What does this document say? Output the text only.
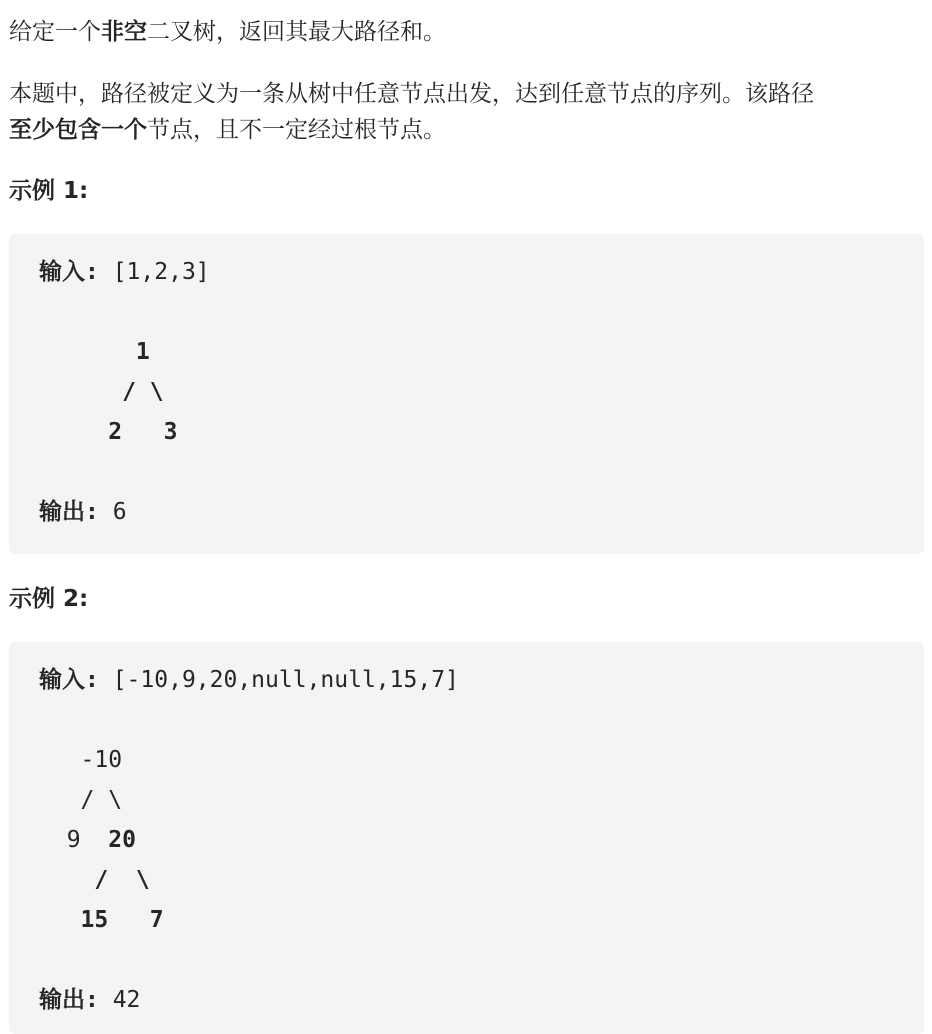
给定一个非空二叉树，返回其最大路径和。

本题中，路径被定义为一条从树中任意节点出发，达到任意节点的序列。该路径

至少包含一个节点，且不一定经过根节点。

示例 1:
输入: [1,2,3]
1
/ \
2   3
输出: 6
示例 2:
输入: [-10,9,20,null,null,15,7]
-10
/ \
9  20
/  \
15   7
输出: 42
